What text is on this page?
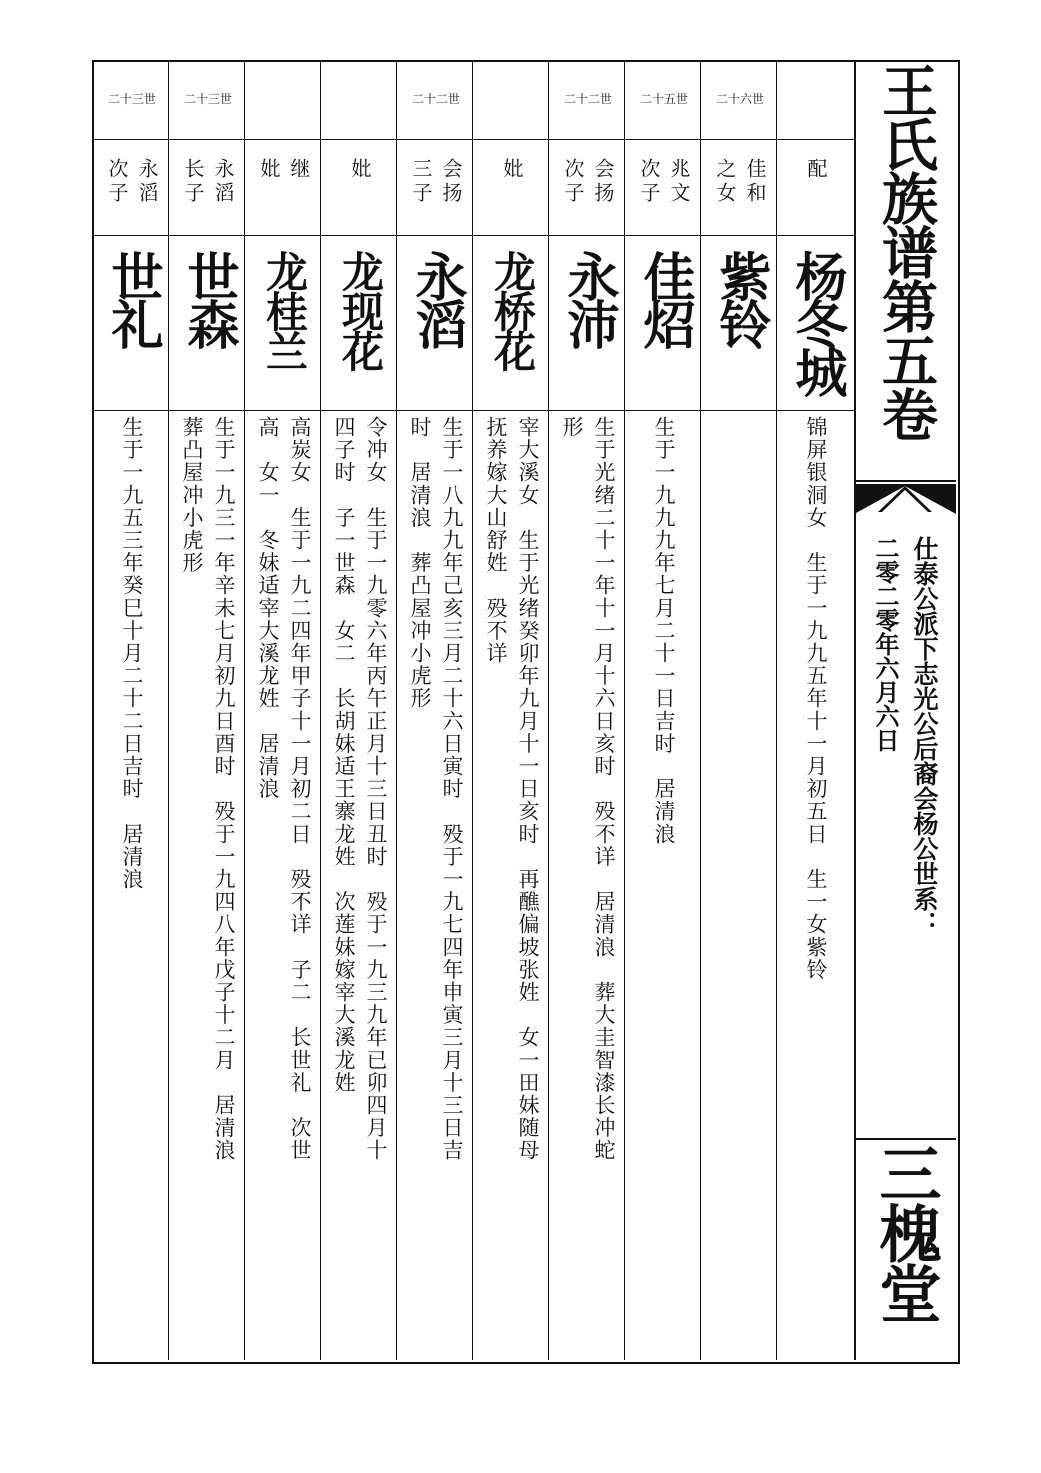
配
杨冬城
锦屏银洞女　生于一九九五年十一月初五日　生一女紫铃
二十六世
佳和
之女
紫铃
二十五世
兆文
次子
佳炤
生于一九九九年七月二十一日吉时　居清浪
二十二世
会扬
次子
永沛
生于光绪二十一年十一月十六日亥时　殁不详　居清浪　葬大圭智漆长冲蛇
形
妣
龙桥花
宰大溪女　生于光绪癸卯年九月十一日亥时　再醮偏坡张姓　女一田妹随母
抚养嫁大山舒姓　殁不详
二十二世
会扬
三子
永滔
生于一八九九年己亥三月二十六日寅时　殁于一九七四年申寅三月十三日吉
时　居清浪　葬凸屋冲小虎形
妣
龙现花
令冲女　生于一九零六年丙午正月十三日丑时　殁于一九三九年已卯四月十
四子时　子一世森　女二　长胡妹适王寨龙姓　次莲妹嫁宰大溪龙姓
继
妣
龙桂兰
高炭女　生于一九二四年甲子十一月初二日　殁不详　子二　长世礼　次世
高　女一　冬妹适宰大溪龙姓　居清浪
二十三世
永滔
长子
世森
生于一九三一年辛未七月初九日酉时　殁于一九四八年戊子十二月　居清浪
葬凸屋冲小虎形
二十三世
永滔
次子
世礼
生于一九五三年癸巳十月二十二日吉时　居清浪
王氏族谱第五卷
仕泰公派下志光公后裔会杨公世系：
二零二零年六月六日
三槐堂
